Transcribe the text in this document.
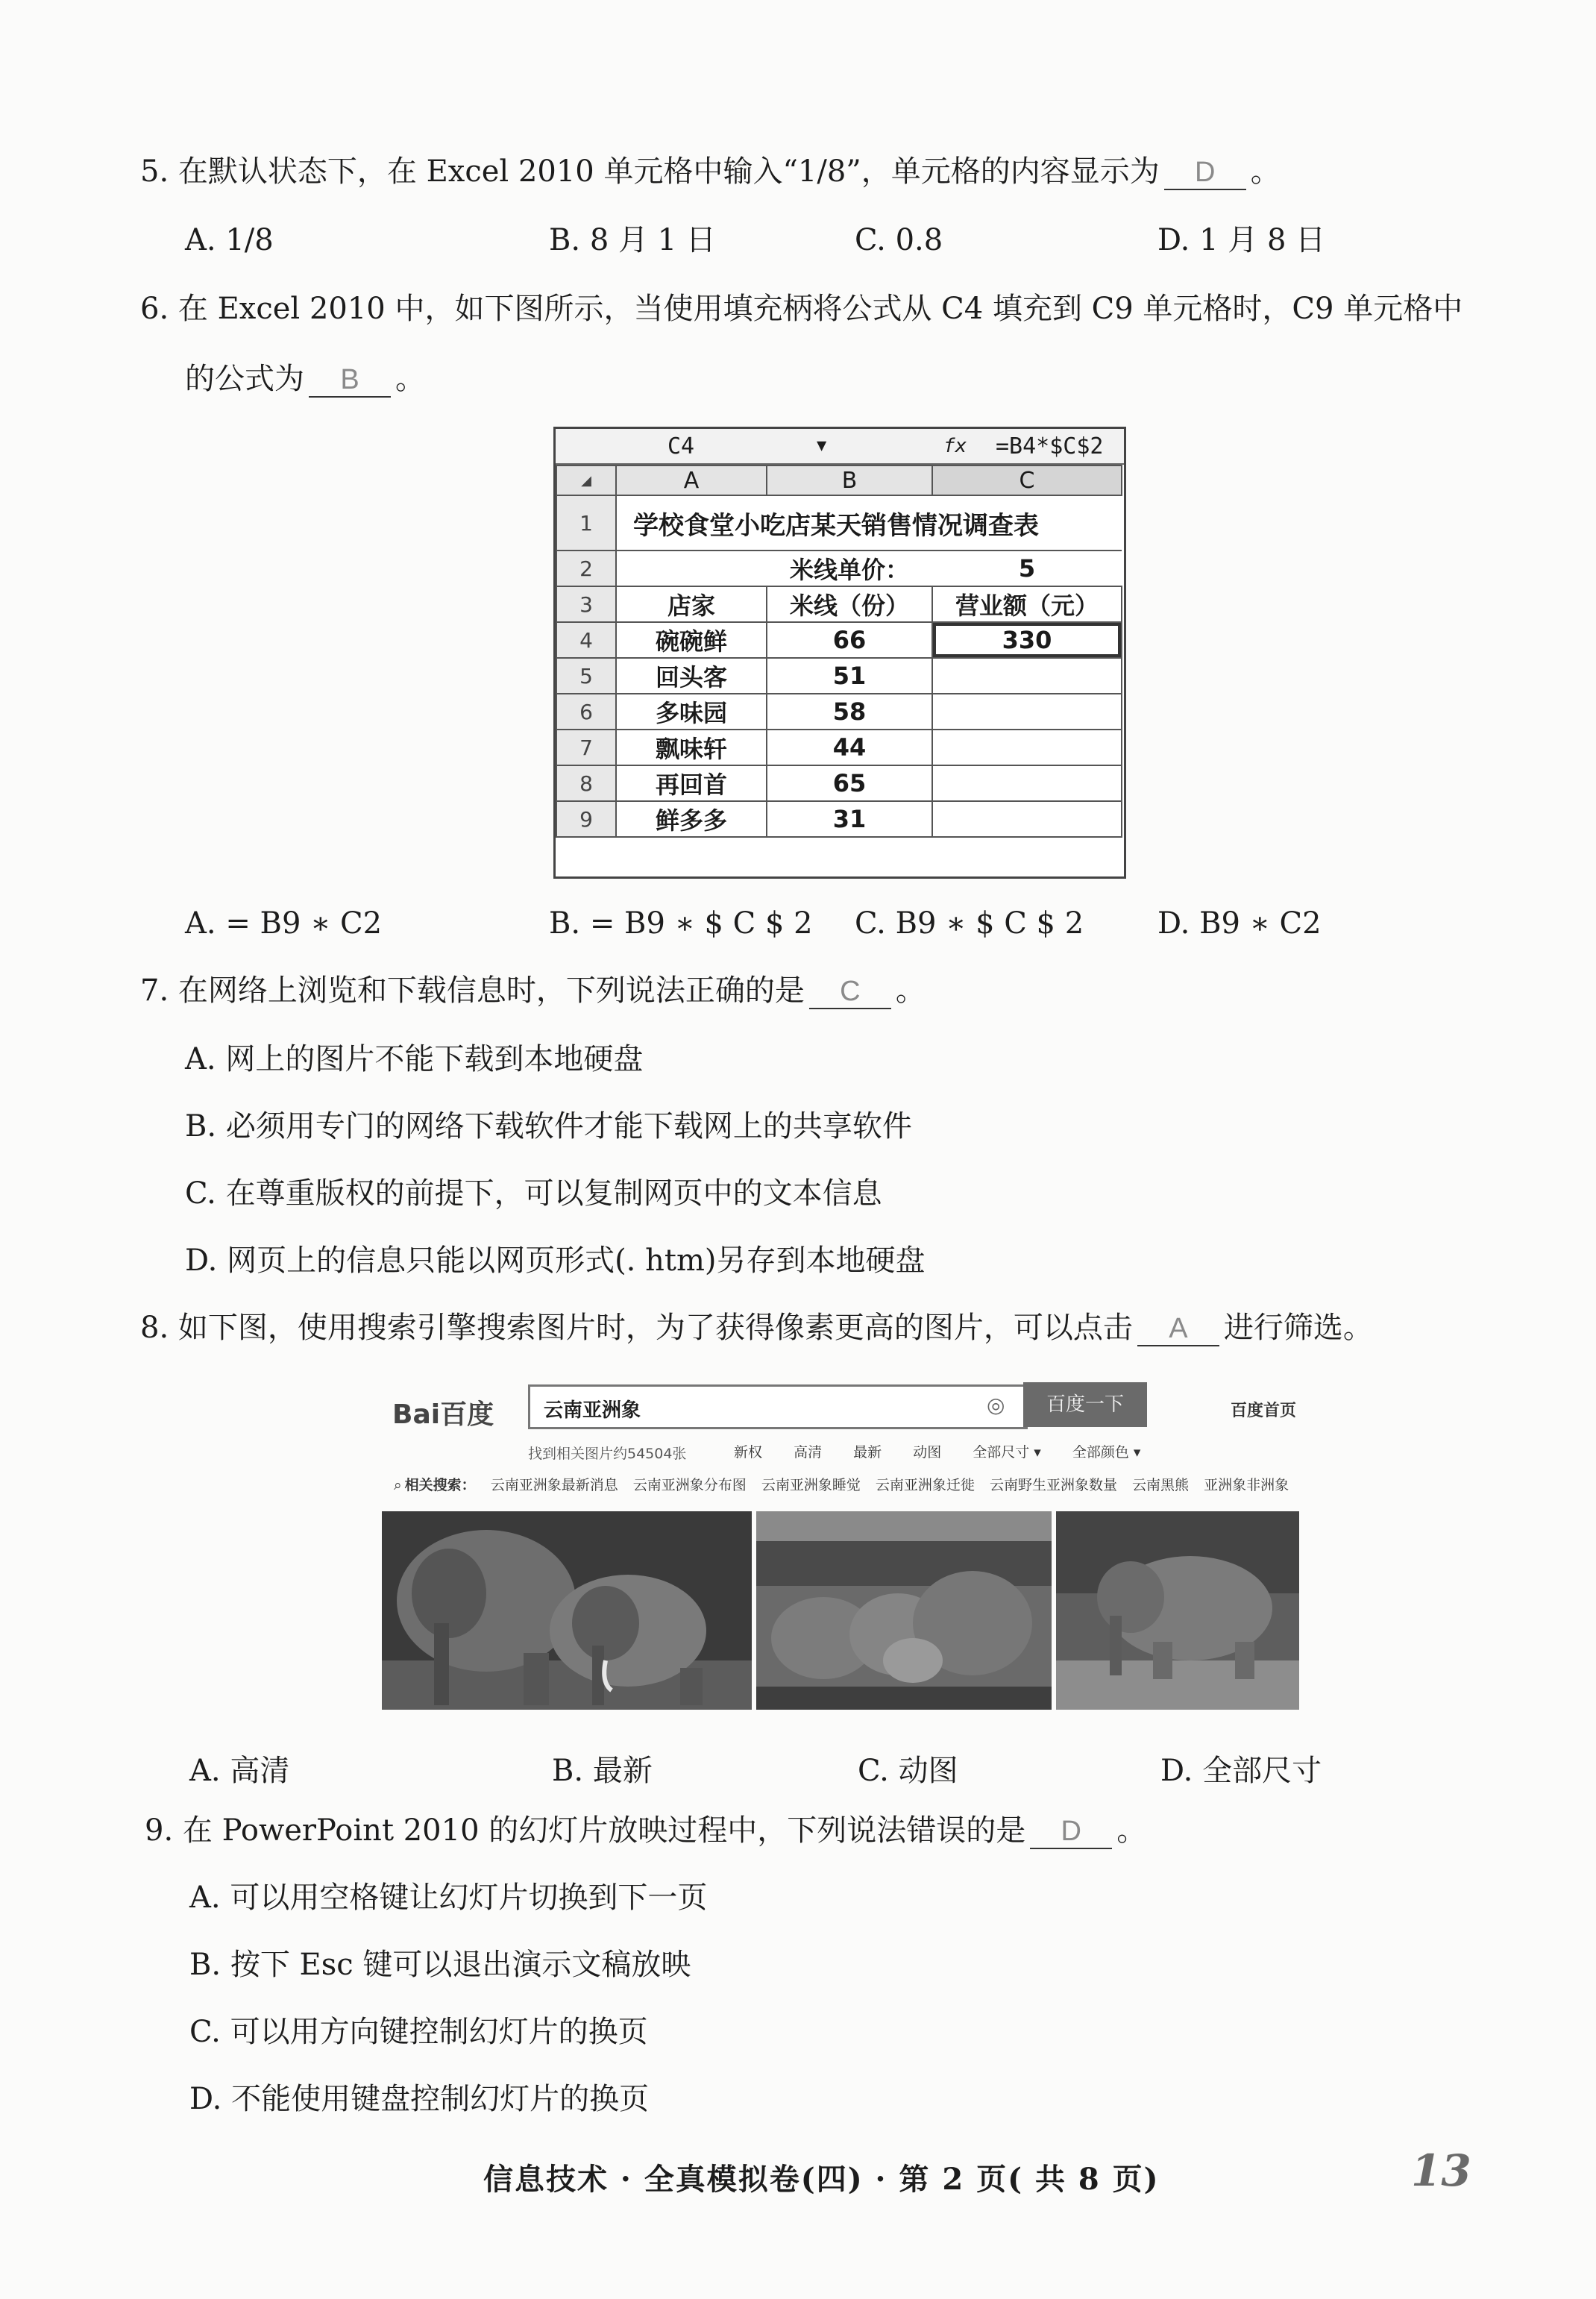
5. 在默认状态下，在 Excel 2010 单元格中输入“1/8”，单元格的内容显示为 D 。
A. 1/8	B. 8 月 1 日	C. 0.8	D. 1 月 8 日
6. 在 Excel 2010 中，如下图所示，当使用填充柄将公式从 C4 填充到 C9 单元格时，C9 单元格中
的公式为 B 。
C4	▼	fx =B4*$C$2
◢	A	B	C
1	学校食堂小吃店某天销售情况调查表		
2		米线单价：	5
3	店家	米线（份）	营业额（元）
4	碗碗鲜	66	330
5	回头客	51	
6	多味园	58	
7	飘味轩	44	
8	再回首	65	
9	鲜多多	31	
A. = B9 ∗ C2	B. = B9 ∗ $ C $ 2 C. B9 ∗ $ C $ 2 D. B9 ∗ C2
7. 在网络上浏览和下载信息时，下列说法正确的是 C 。
A. 网上的图片不能下载到本地硬盘
B. 必须用专门的网络下载软件才能下载网上的共享软件
C. 在尊重版权的前提下，可以复制网页中的文本信息
D. 网页上的信息只能以网页形式(. htm)另存到本地硬盘
8. 如下图，使用搜索引擎搜索图片时，为了获得像素更高的图片，可以点击 A 进行筛选。
Bai百度	云南亚洲象	◎	百度一下	百度首页
找到相关图片约54504张	新权 高清 最新 动图 全部尺寸 ▾ 全部颜色 ▾
⌕ 相关搜索： 云南亚洲象最新消息 云南亚洲象分布图 云南亚洲象睡觉 云南亚洲象迁徙 云南野生亚洲象数量 云南黑熊 亚洲象非洲象
A. 高清	B. 最新	C. 动图	D. 全部尺寸
9. 在 PowerPoint 2010 的幻灯片放映过程中，下列说法错误的是 D 。
A. 可以用空格键让幻灯片切换到下一页
B. 按下 Esc 键可以退出演示文稿放映
C. 可以用方向键控制幻灯片的换页
D. 不能使用键盘控制幻灯片的换页
信息技术 · 全真模拟卷(四) · 第 2 页( 共 8 页)	13
